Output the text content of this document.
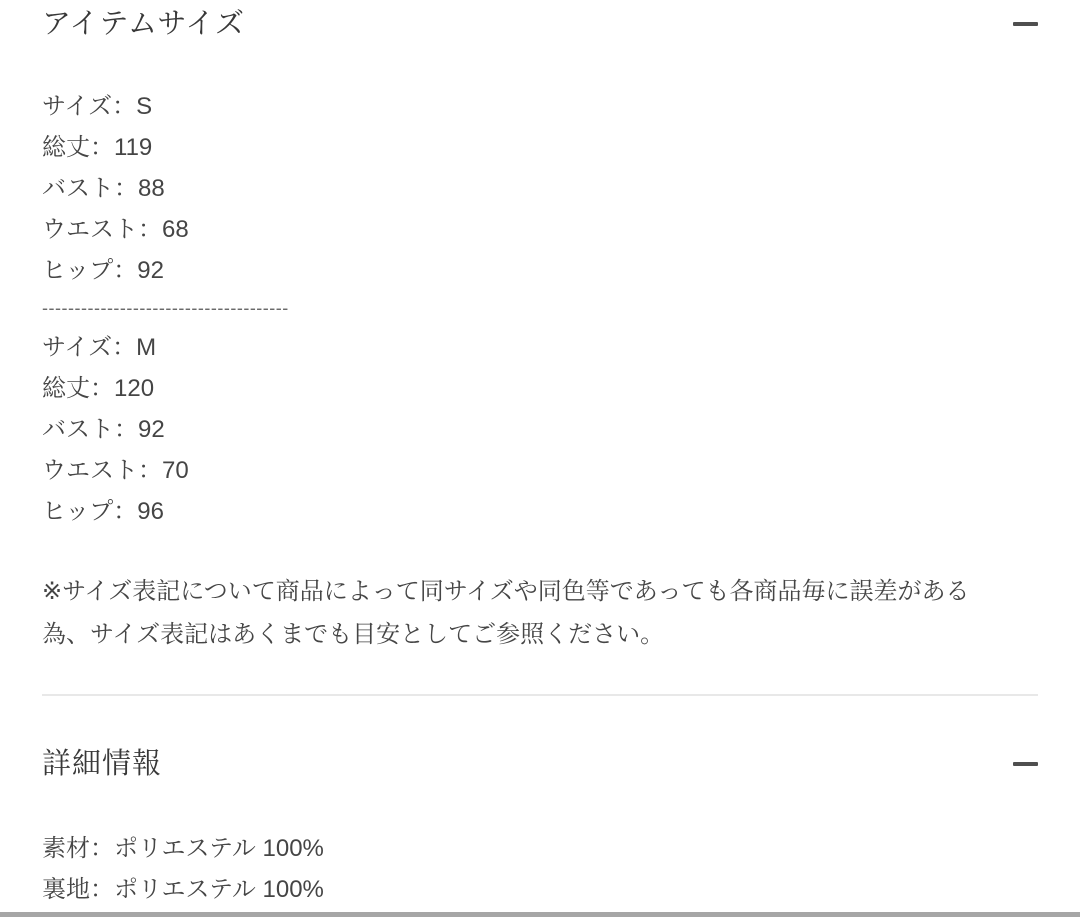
アイテムサイズ
サイズ：S
総丈：119
バスト：88
ウエスト：68
ヒップ：92
--------------------------------------
サイズ：M
総丈：120
バスト：92
ウエスト：70
ヒップ：96

※サイズ表記について商品によって同サイズや同色等であっても各商品毎に誤差がある
為、サイズ表記はあくまでも目安としてご参照ください。

詳細情報
素材：ポリエステル 100%
裏地：ポリエステル 100%
